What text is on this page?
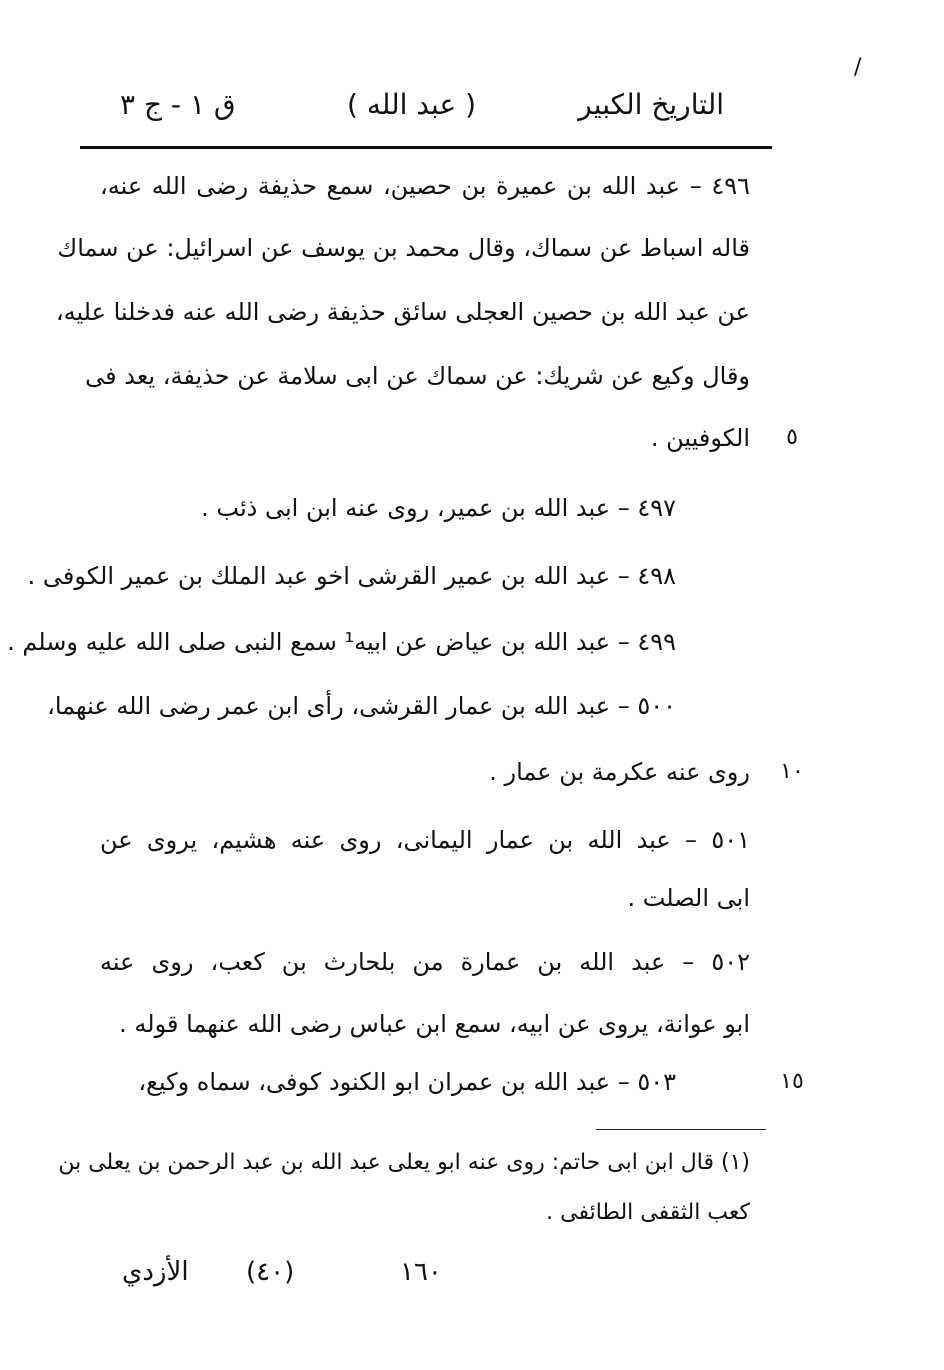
/
التاريخ الكبير
( عبد الله )
ق ١ - ج ٣
٤٩٦ – عبد الله بن عميرة بن حصين، سمع حذيفة رضى الله عنه،
قاله اسباط عن سماك، وقال محمد بن يوسف عن اسرائيل: عن سماك
عن عبد الله بن حصين العجلى سائق حذيفة رضى الله عنه فدخلنا عليه،
وقال وكيع عن شريك: عن سماك عن ابى سلامة عن حذيفة، يعد فى
الكوفيين .	٥
٤٩٧ – عبد الله بن عمير، روى عنه ابن ابى ذئب .
٤٩٨ – عبد الله بن عمير القرشى اخو عبد الملك بن عمير الكوفى .
٤٩٩ – عبد الله بن عياض عن ابيه¹ سمع النبى صلى الله عليه وسلم .
٥٠٠ – عبد الله بن عمار القرشى، رأى ابن عمر رضى الله عنهما،
روى عنه عكرمة بن عمار .	١٠
٥٠١ – عبد الله بن عمار اليمانى، روى عنه هشيم، يروى عن
ابى الصلت .
٥٠٢ – عبد الله بن عمارة من بلحارث بن كعب، روى عنه
ابو عوانة، يروى عن ابيه، سمع ابن عباس رضى الله عنهما قوله .
٥٠٣ – عبد الله بن عمران ابو الكنود كوفى، سماه وكيع،	١٥
(١) قال ابن ابى حاتم: روى عنه ابو يعلى عبد الله بن عبد الرحمن بن يعلى بن
كعب الثقفى الطائفى .
١٦٠
(٤٠)
الأزدي
